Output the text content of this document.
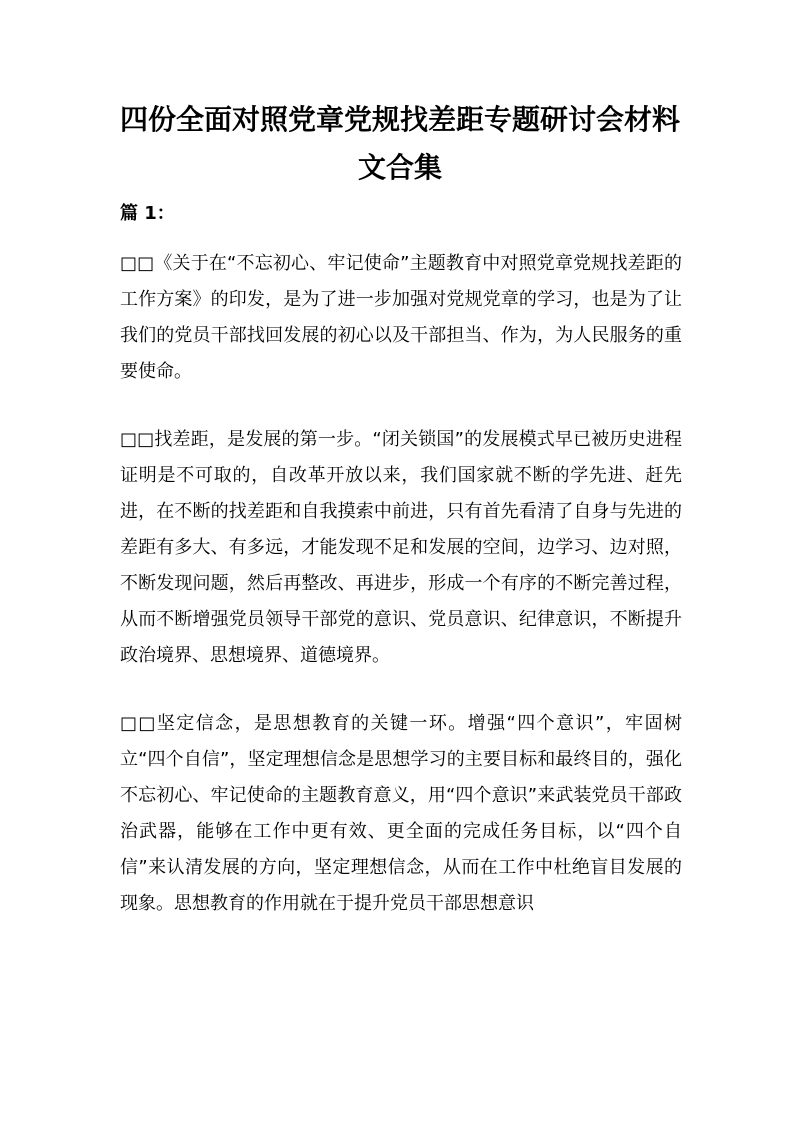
四份全面对照党章党规找差距专题研讨会材料文合集
篇 1：

□□《关于在“不忘初心、牢记使命”主题教育中对照党章党规找差距的工作方案》的印发，是为了进一步加强对党规党章的学习，也是为了让我们的党员干部找回发展的初心以及干部担当、作为，为人民服务的重要使命。

□□找差距，是发展的第一步。“闭关锁国”的发展模式早已被历史进程证明是不可取的，自改革开放以来，我们国家就不断的学先进、赶先进，在不断的找差距和自我摸索中前进，只有首先看清了自身与先进的差距有多大、有多远，才能发现不足和发展的空间，边学习、边对照，不断发现问题，然后再整改、再进步，形成一个有序的不断完善过程，从而不断增强党员领导干部党的意识、党员意识、纪律意识，不断提升政治境界、思想境界、道德境界。

□□坚定信念，是思想教育的关键一环。增强“四个意识”，牢固树立“四个自信”，坚定理想信念是思想学习的主要目标和最终目的，强化不忘初心、牢记使命的主题教育意义，用“四个意识”来武装党员干部政治武器，能够在工作中更有效、更全面的完成任务目标，以“四个自信”来认清发展的方向，坚定理想信念，从而在工作中杜绝盲目发展的现象。思想教育的作用就在于提升党员干部思想意识
